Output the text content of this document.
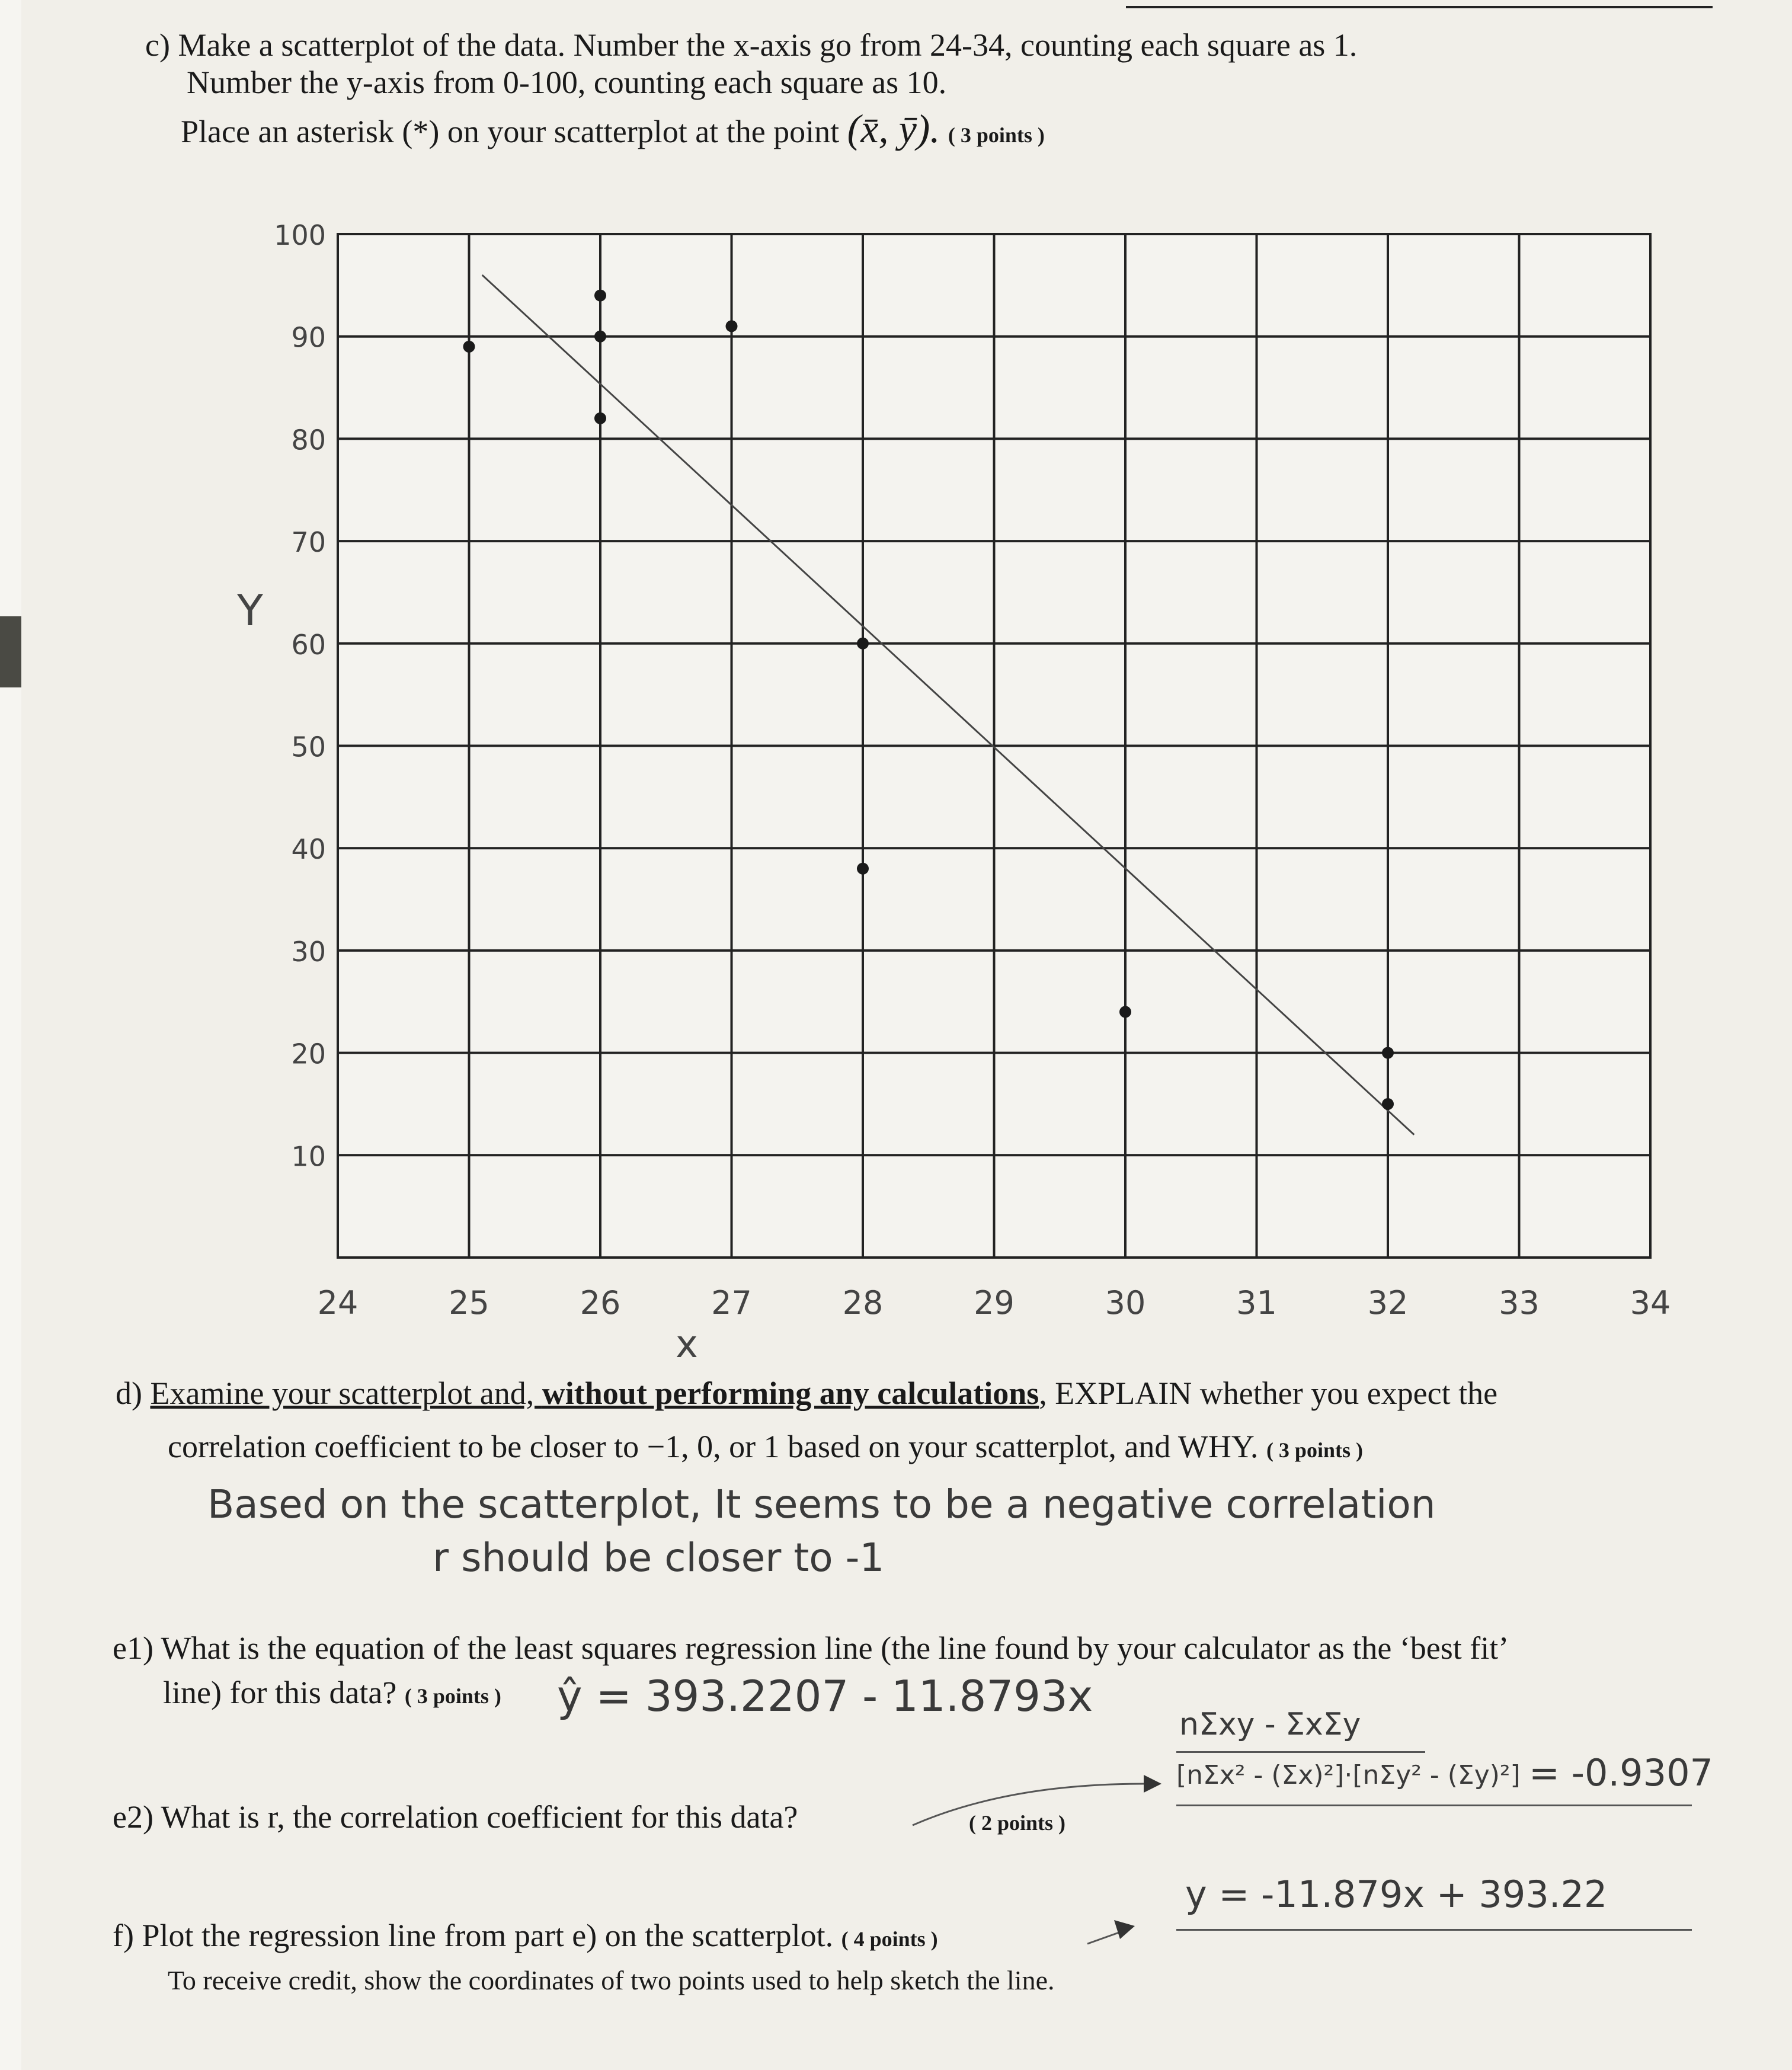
c) Make a scatterplot of the data. Number the x-axis go from 24-34, counting each square as 1.
Number the y-axis from 0-100, counting each square as 10.
Place an asterisk (*) on your scatterplot at the point (x̄, ȳ). ( 3 points )
24	25	26	27	28	29	30	31	32	33	34
10
20
30
40
50
60
70
80
90
100
Y
x
d) Examine your scatterplot and, without performing any calculations, EXPLAIN whether you expect the
correlation coefficient to be closer to −1, 0, or 1 based on your scatterplot, and WHY. ( 3 points )
Based on the scatterplot, It seems to be a negative correlation
r should be closer to -1
e1) What is the equation of the least squares regression line (the line found by your calculator as the ‘best fit’
line) for this data? ( 3 points ) ŷ = 393.2207 - 11.8793x
nΣxy - ΣxΣy
[nΣx² - (Σx)²]·[nΣy² - (Σy)²] = -0.9307
e2) What is r, the correlation coefficient for this data?	( 2 points )
y = -11.879x + 393.22
f) Plot the regression line from part e) on the scatterplot. ( 4 points )
To receive credit, show the coordinates of two points used to help sketch the line.
